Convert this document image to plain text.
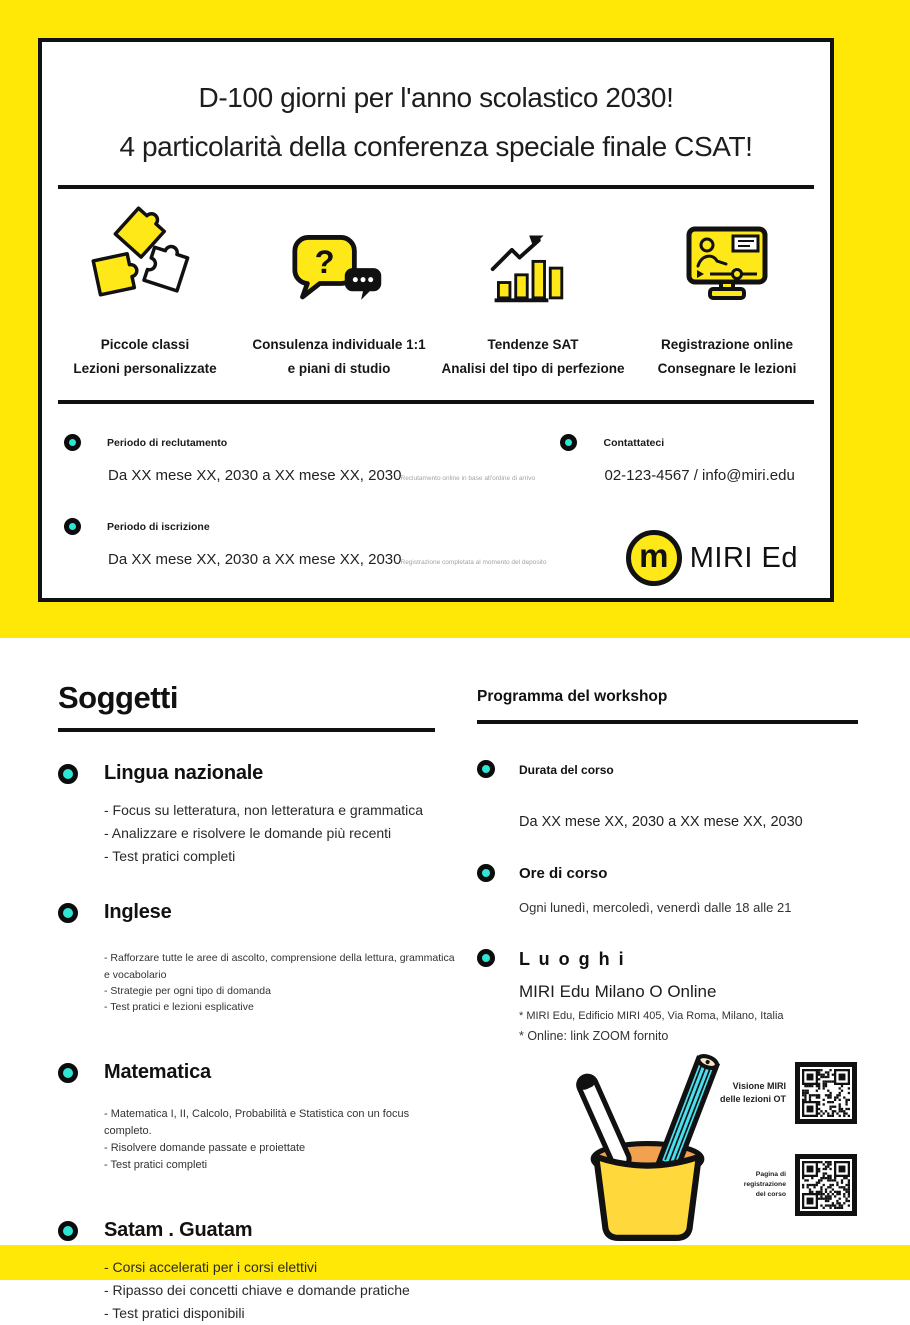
D-100 giorni per l'anno scolastico 2030!
4 particolarità della conferenza speciale finale CSAT!
Piccole classi
Lezioni personalizzate
?
Consulenza individuale 1:1
e piani di studio
Tendenze SAT
Analisi del tipo di perfezione
Registrazione online
Consegnare le lezioni
Periodo di reclutamento
Da XX mese XX, 2030 a XX mese XX, 2030Reclutamento online in base all'ordine di arrivo
Periodo di iscrizione
Da XX mese XX, 2030 a XX mese XX, 2030Registrazione completata al momento del deposito
Contattateci
02-123-4567 / info@miri.edu
m MIRI Ed
Soggetti
Lingua nazionale
- Focus su letteratura, non letteratura e grammatica
- Analizzare e risolvere le domande più recenti
- Test pratici completi
Inglese
- Rafforzare tutte le aree di ascolto, comprensione della lettura, grammatica e vocabolario
- Strategie per ogni tipo di domanda
- Test pratici e lezioni esplicative
Matematica
- Matematica I, II, Calcolo, Probabilità e Statistica con un focus completo.
- Risolvere domande passate e proiettate
- Test pratici completi
Satam . Guatam
- Corsi accelerati per i corsi elettivi
- Ripasso dei concetti chiave e domande pratiche
- Test pratici disponibili
Programma del workshop
Durata del corso
Da XX mese XX, 2030 a XX mese XX, 2030
Ore di corso
Ogni lunedì, mercoledì, venerdì dalle 18 alle 21
L u o g h i
MIRI Edu Milano O Online
* MIRI Edu, Edificio MIRI 405, Via Roma, Milano, Italia
* Online: link ZOOM fornito
Visione MIRI
delle lezioni OT
Pagina di registrazione
del corso
